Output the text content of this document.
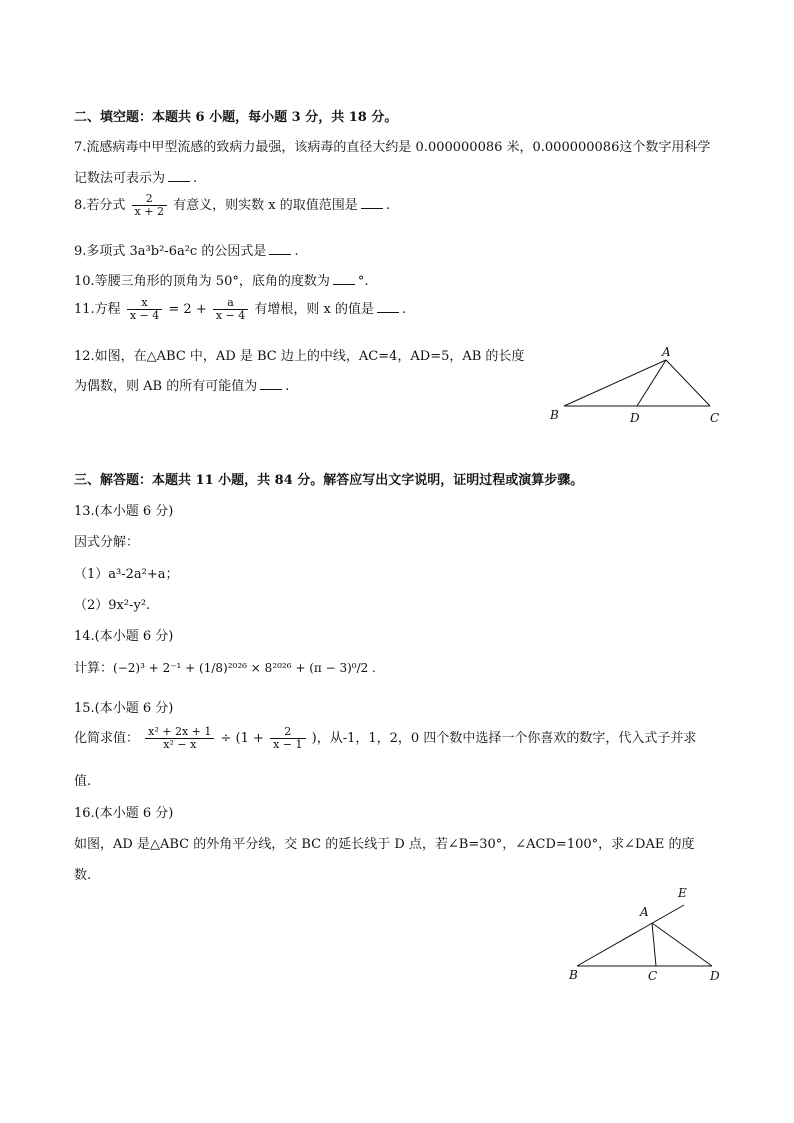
二、填空题：本题共 6 小题，每小题 3 分，共 18 分。
7.流感病毒中甲型流感的致病力最强，该病毒的直径大约是 0.000000086 米，0.000000086这个数字用科学
记数法可表示为 .
8.若分式 $\frac{2}{x + 2}$ 有意义，则实数 x 的取值范围是 .
9.多项式 3a³b²-6a²c 的公因式是 .
10.等腰三角形的顶角为 50°，底角的度数为 °.
11.方程 $\frac{x}{x - 4} = 2 + \frac{a}{x - 4}$ 有增根，则 x 的值是 .
12.如图，在△ABC 中，AD 是 BC 边上的中线，AC=4，AD=5，AB 的长度
为偶数，则 AB 的所有可能值为 .
A
B	D	C
三、解答题：本题共 11 小题，共 84 分。解答应写出文字说明，证明过程或演算步骤。
13.(本小题 6 分)
因式分解：
（1）a³-2a²+a；
（2）9x²-y².
14.(本小题 6 分)
计算：(−2)³ + 2⁻¹ + (1/8)²⁰²⁶ × 8²⁰²⁶ + (π − 3)⁰/2 .
15.(本小题 6 分)
化简求值： $\frac{\text{x² + 2x + 1}}{\text{x² − x}} \div (1 + \frac{2}{x - 1}$ )，从-1，1，2，0 四个数中选择一个你喜欢的数字，代入式子并求
值.
16.(本小题 6 分)
如图，AD 是△ABC 的外角平分线，交 BC 的延长线于 D 点，若∠B=30°，∠ACD=100°，求∠DAE 的度
数.
E
A
B	C	D
